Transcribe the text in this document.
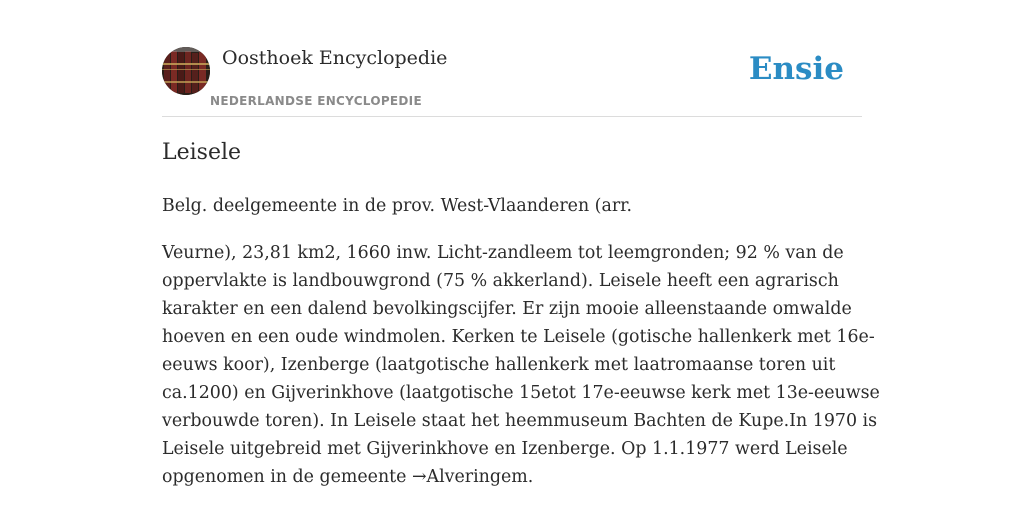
Oosthoek Encyclopedie
NEDERLANDSE ENCYCLOPEDIE
Ensie
Leisele

Belg. deelgemeente in de prov. West-Vlaanderen (arr.

Veurne), 23,81 km2, 1660 inw. Licht-zandleem tot leemgronden; 92 % van de
oppervlakte is landbouwgrond (75 % akkerland). Leisele heeft een agrarisch
karakter en een dalend bevolkingscijfer. Er zijn mooie alleenstaande omwalde
hoeven en een oude windmolen. Kerken te Leisele (gotische hallenkerk met 16e-
eeuws koor), Izenberge (laatgotische hallenkerk met laatromaanse toren uit
ca.1200) en Gijverinkhove (laatgotische 15etot 17e-eeuwse kerk met 13e-eeuwse
verbouwde toren). In Leisele staat het heemmuseum Bachten de Kupe.In 1970 is
Leisele uitgebreid met Gijverinkhove en Izenberge. Op 1.1.1977 werd Leisele
opgenomen in de gemeente →Alveringem.
